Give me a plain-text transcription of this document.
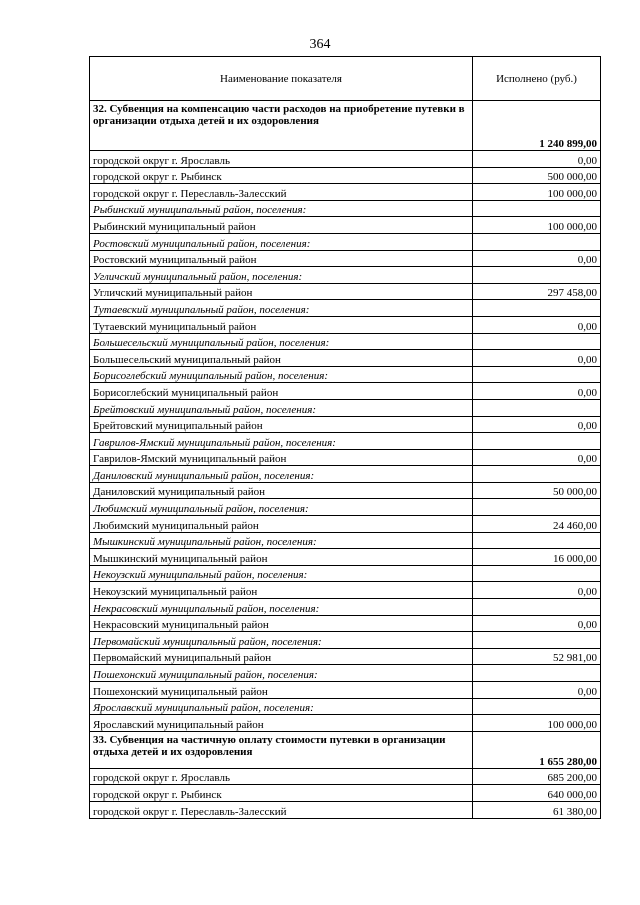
364
Наименование показателя	Исполнено (руб.)
32. Субвенция на компенсацию части расходов на приобретение путевки в организации отдыха детей и их оздоровления	1 240 899,00
городской округ г. Ярославль	0,00
городской округ г. Рыбинск	500 000,00
городской округ г. Переславль-Залесский	100 000,00
Рыбинский муниципальный район, поселения:	
Рыбинский муниципальный район	100 000,00
Ростовский муниципальный район, поселения:	
Ростовский муниципальный район	0,00
Угличский муниципальный район, поселения:	
Угличский муниципальный район	297 458,00
Тутаевский муниципальный район, поселения:	
Тутаевский муниципальный район	0,00
Большесельский муниципальный район, поселения:	
Большесельский муниципальный район	0,00
Борисоглебский муниципальный район, поселения:	
Борисоглебский муниципальный район	0,00
Брейтовский муниципальный район, поселения:	
Брейтовский муниципальный район	0,00
Гаврилов-Ямский муниципальный район, поселения:	
Гаврилов-Ямский муниципальный район	0,00
Даниловский муниципальный район, поселения:	
Даниловский муниципальный район	50 000,00
Любимский муниципальный район, поселения:	
Любимский муниципальный район	24 460,00
Мышкинский муниципальный район, поселения:	
Мышкинский муниципальный район	16 000,00
Некоузский муниципальный район, поселения:	
Некоузский муниципальный район	0,00
Некрасовский муниципальный район, поселения:	
Некрасовский муниципальный район	0,00
Первомайский муниципальный район, поселения:	
Первомайский муниципальный район	52 981,00
Пошехонский муниципальный район, поселения:	
Пошехонский муниципальный район	0,00
Ярославский муниципальный район, поселения:	
Ярославский муниципальный район	100 000,00
33. Субвенция на частичную оплату стоимости путевки в организации отдыха детей и их оздоровления	1 655 280,00
городской округ г. Ярославль	685 200,00
городской округ г. Рыбинск	640 000,00
городской округ г. Переславль-Залесский	61 380,00
